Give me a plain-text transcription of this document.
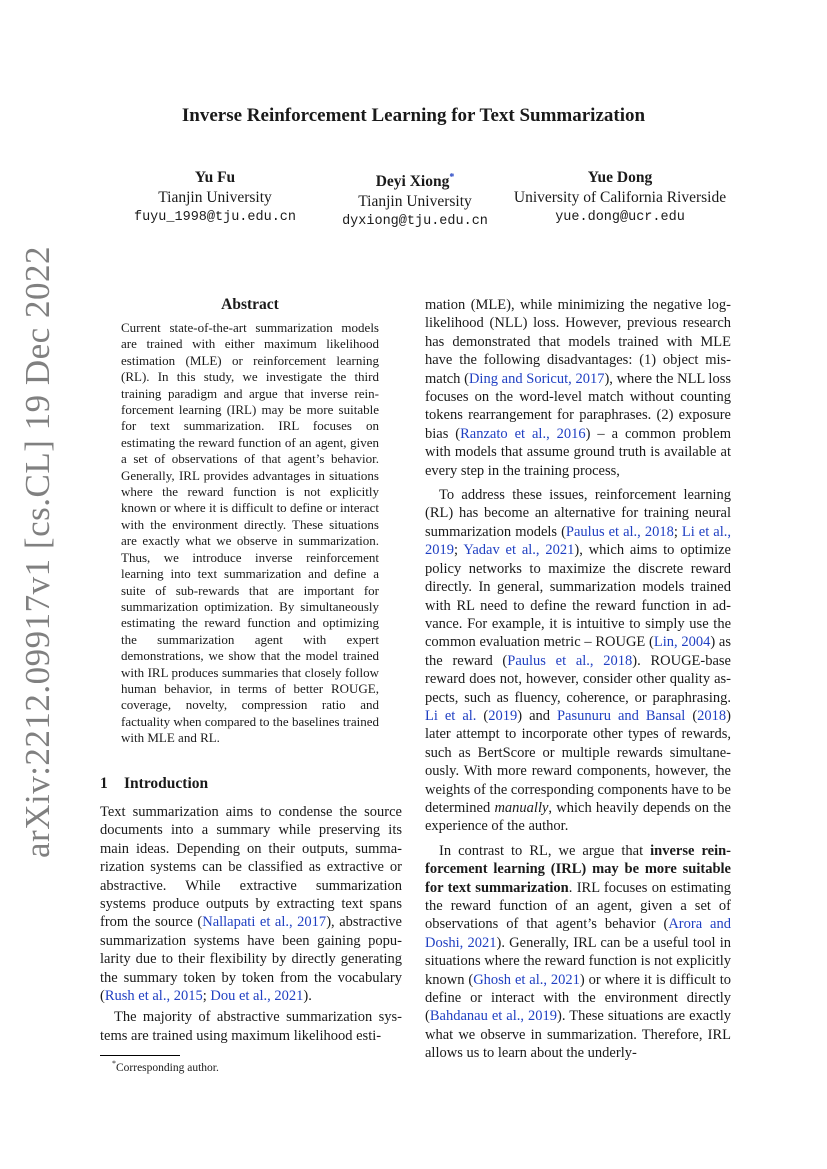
arXiv:2212.09917v1 [cs.CL] 19 Dec 2022
Inverse Reinforcement Learning for Text Summarization
Yu Fu
Tianjin University
fuyu_1998@tju.edu.cn
Deyi Xiong*
Tianjin University
dyxiong@tju.edu.cn
Yue Dong
University of California Riverside
yue.dong@ucr.edu
Abstract
Current state-of-the-art summarization models are trained with either maximum likelihood estimation (MLE) or reinforcement learning (RL). In this study, we investigate the third training paradigm and argue that inverse reinforcement learning (IRL) may be more suitable for text summarization. IRL focuses on estimating the reward function of an agent, given a set of observations of that agent’s behavior. Generally, IRL provides advantages in situations where the reward function is not explicitly known or where it is difficult to define or interact with the environment directly. These situations are exactly what we observe in summarization. Thus, we introduce inverse reinforcement learning into text summarization and define a suite of sub-rewards that are important for summarization optimization. By simultaneously estimating the reward function and optimizing the summarization agent with expert demonstrations, we show that the model trained with IRL produces summaries that closely follow human behavior, in terms of better ROUGE, coverage, novelty, compression ratio and factuality when compared to the baselines trained with MLE and RL.
1 Introduction

Text summarization aims to condense the source documents into a summary while preserving its main ideas. Depending on their outputs, summarization systems can be classified as extractive or abstractive. While extractive summarization systems produce outputs by extracting text spans from the source (Nallapati et al., 2017), abstractive summarization systems have been gaining popularity due to their flexibility by directly generating the summary token by token from the vocabulary (Rush et al., 2015; Dou et al., 2021).

The majority of abstractive summarization systems are trained using maximum likelihood esti-

mation (MLE), while minimizing the negative log-likelihood (NLL) loss. However, previous research has demonstrated that models trained with MLE have the following disadvantages: (1) object mismatch (Ding and Soricut, 2017), where the NLL loss focuses on the word-level match without counting tokens rearrangement for paraphrases. (2) exposure bias (Ranzato et al., 2016) – a common problem with models that assume ground truth is available at every step in the training process,

To address these issues, reinforcement learning (RL) has become an alternative for training neural summarization models (Paulus et al., 2018; Li et al., 2019; Yadav et al., 2021), which aims to optimize policy networks to maximize the discrete reward directly. In general, summarization models trained with RL need to define the reward function in advance. For example, it is intuitive to simply use the common evaluation metric – ROUGE (Lin, 2004) as the reward (Paulus et al., 2018). ROUGE-base reward does not, however, consider other quality aspects, such as fluency, coherence, or paraphrasing. Li et al. (2019) and Pasunuru and Bansal (2018) later attempt to incorporate other types of rewards, such as BertScore or multiple rewards simultaneously. With more reward components, however, the weights of the corresponding components have to be determined manually, which heavily depends on the experience of the author.

In contrast to RL, we argue that inverse reinforcement learning (IRL) may be more suitable for text summarization. IRL focuses on estimating the reward function of an agent, given a set of observations of that agent’s behavior (Arora and Doshi, 2021). Generally, IRL can be a useful tool in situations where the reward function is not explicitly known (Ghosh et al., 2021) or where it is difficult to define or interact with the environment directly (Bahdanau et al., 2019). These situations are exactly what we observe in summarization. Therefore, IRL allows us to learn about the underly-

*Corresponding author.
